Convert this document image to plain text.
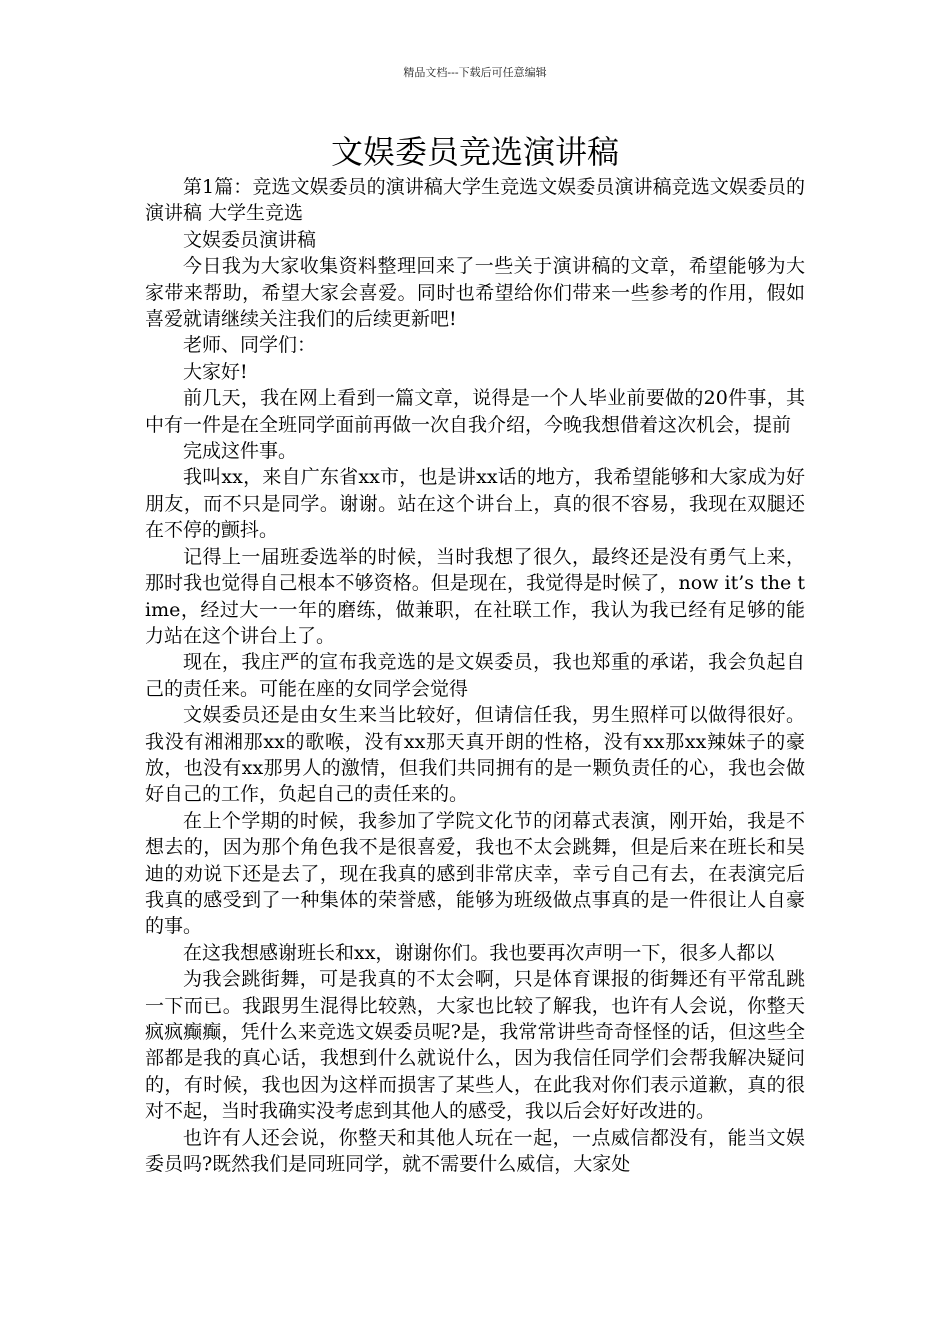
精品文档---下载后可任意编辑
文娱委员竞选演讲稿

第1篇：竞选文娱委员的演讲稿大学生竞选文娱委员演讲稿竞选文娱委员的演讲稿 大学生竞选

文娱委员演讲稿

今日我为大家收集资料整理回来了一些关于演讲稿的文章，希望能够为大家带来帮助，希望大家会喜爱。同时也希望给你们带来一些参考的作用，假如喜爱就请继续关注我们的后续更新吧!

老师、同学们：

大家好!

前几天，我在网上看到一篇文章，说得是一个人毕业前要做的20件事，其中有一件是在全班同学面前再做一次自我介绍，今晚我想借着这次机会，提前

完成这件事。

我叫xx，来自广东省xx市，也是讲xx话的地方，我希望能够和大家成为好朋友，而不只是同学。谢谢。站在这个讲台上，真的很不容易，我现在双腿还在不停的颤抖。

记得上一届班委选举的时候，当时我想了很久，最终还是没有勇气上来，那时我也觉得自己根本不够资格。但是现在，我觉得是时候了，now it’s the time，经过大一一年的磨练，做兼职，在社联工作，我认为我已经有足够的能力站在这个讲台上了。

现在，我庄严的宣布我竞选的是文娱委员，我也郑重的承诺，我会负起自己的责任来。可能在座的女同学会觉得

文娱委员还是由女生来当比较好，但请信任我，男生照样可以做得很好。我没有湘湘那xx的歌喉，没有xx那天真开朗的性格，没有xx那xx辣妹子的豪放，也没有xx那男人的激情，但我们共同拥有的是一颗负责任的心，我也会做好自己的工作，负起自己的责任来的。

在上个学期的时候，我参加了学院文化节的闭幕式表演，刚开始，我是不想去的，因为那个角色我不是很喜爱，我也不太会跳舞，但是后来在班长和吴迪的劝说下还是去了，现在我真的感到非常庆幸，幸亏自己有去，在表演完后我真的感受到了一种集体的荣誉感，能够为班级做点事真的是一件很让人自豪的事。

在这我想感谢班长和xx，谢谢你们。我也要再次声明一下，很多人都以

为我会跳街舞，可是我真的不太会啊，只是体育课报的街舞还有平常乱跳一下而已。我跟男生混得比较熟，大家也比较了解我，也许有人会说，你整天疯疯癫癫，凭什么来竞选文娱委员呢?是，我常常讲些奇奇怪怪的话，但这些全部都是我的真心话，我想到什么就说什么，因为我信任同学们会帮我解决疑问的，有时候，我也因为这样而损害了某些人，在此我对你们表示道歉，真的很对不起，当时我确实没考虑到其他人的感受，我以后会好好改进的。

也许有人还会说，你整天和其他人玩在一起，一点威信都没有，能当文娱委员吗?既然我们是同班同学，就不需要什么威信，大家处
